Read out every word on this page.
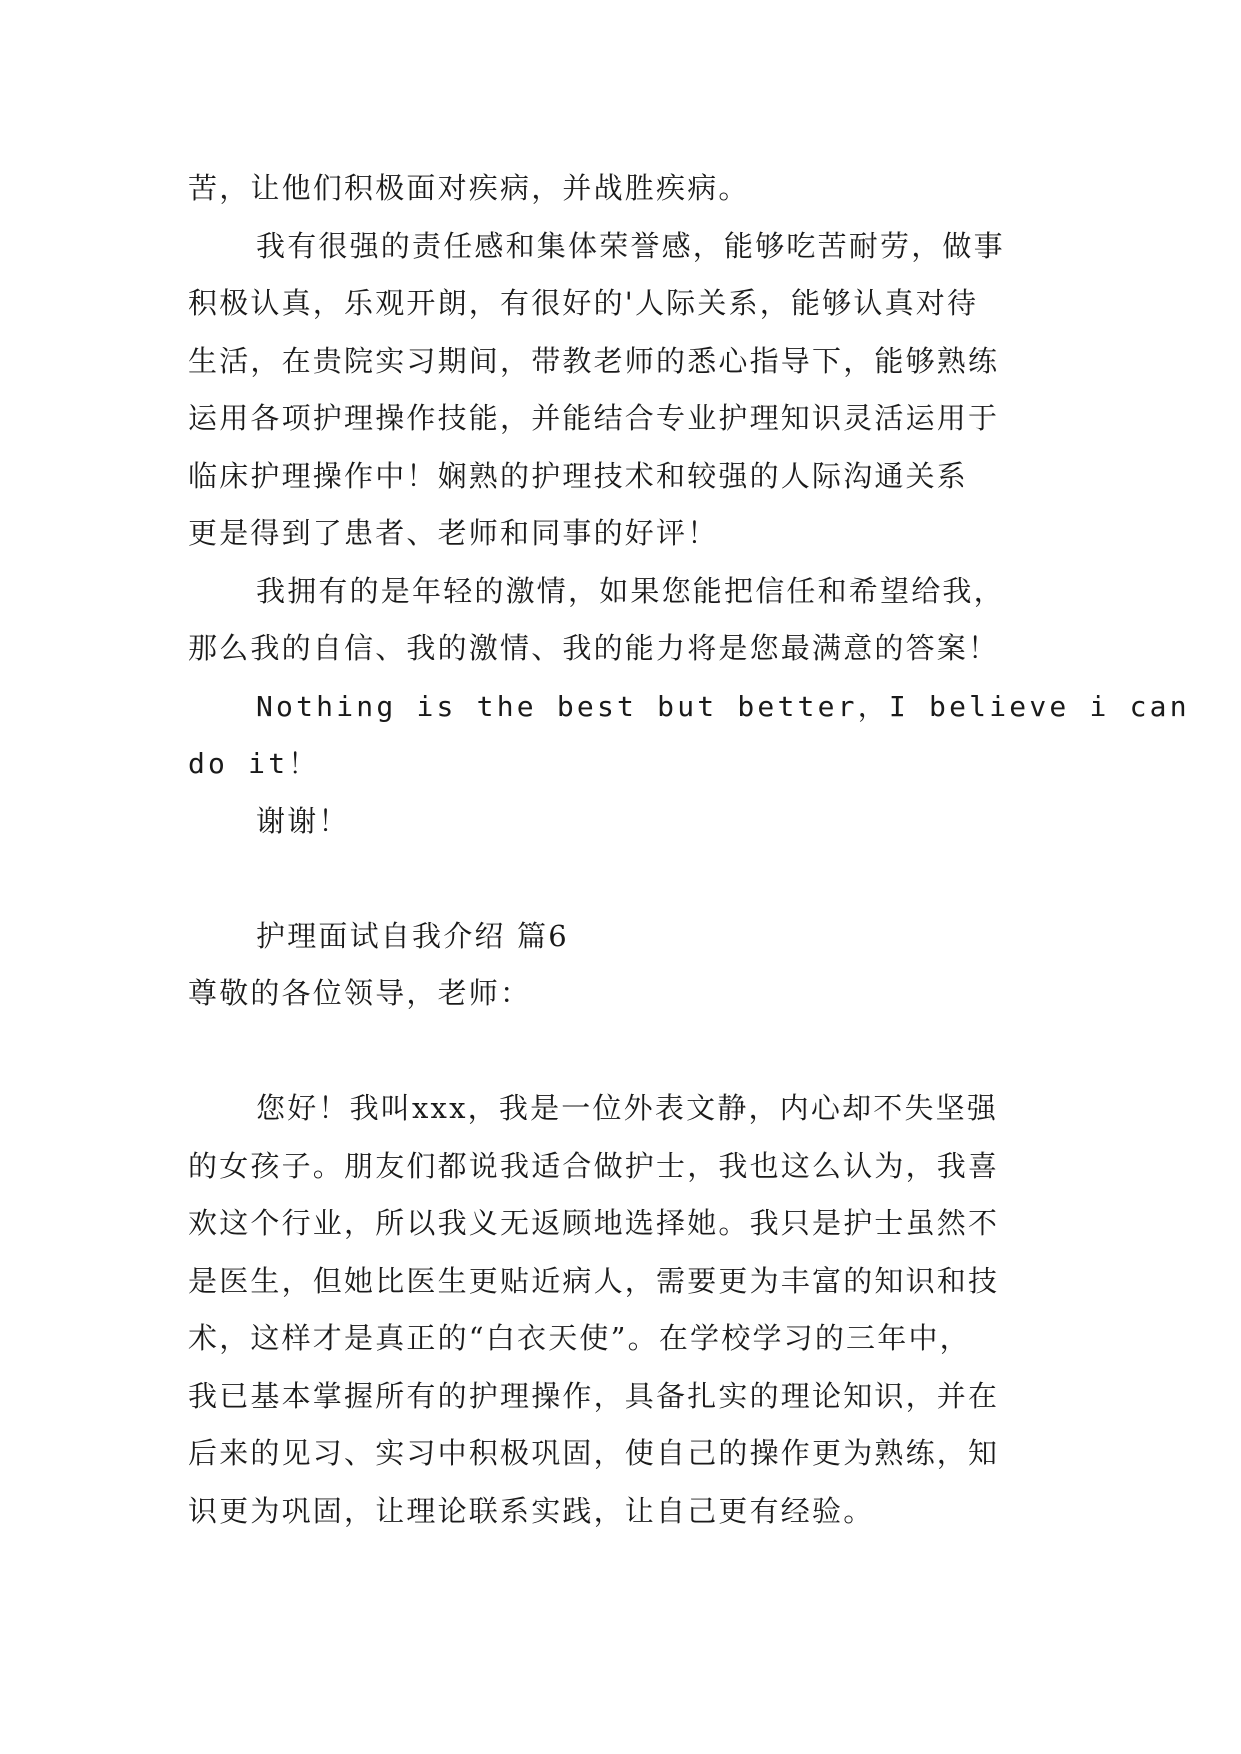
苦，让他们积极面对疾病，并战胜疾病。
我有很强的责任感和集体荣誉感，能够吃苦耐劳，做事
积极认真，乐观开朗，有很好的'人际关系，能够认真对待
生活，在贵院实习期间，带教老师的悉心指导下，能够熟练
运用各项护理操作技能，并能结合专业护理知识灵活运用于
临床护理操作中！娴熟的护理技术和较强的人际沟通关系
更是得到了患者、老师和同事的好评！
我拥有的是年轻的激情，如果您能把信任和希望给我，
那么我的自信、我的激情、我的能力将是您最满意的答案！
Nothing is the best but better，I believe i can
do it！
谢谢！
护理面试自我介绍 篇6
尊敬的各位领导，老师：
您好！我叫xxx，我是一位外表文静，内心却不失坚强
的女孩子。朋友们都说我适合做护士，我也这么认为，我喜
欢这个行业，所以我义无返顾地选择她。我只是护士虽然不
是医生，但她比医生更贴近病人，需要更为丰富的知识和技
术，这样才是真正的“白衣天使”。在学校学习的三年中，
我已基本掌握所有的护理操作，具备扎实的理论知识，并在
后来的见习、实习中积极巩固，使自己的操作更为熟练，知
识更为巩固，让理论联系实践，让自己更有经验。
